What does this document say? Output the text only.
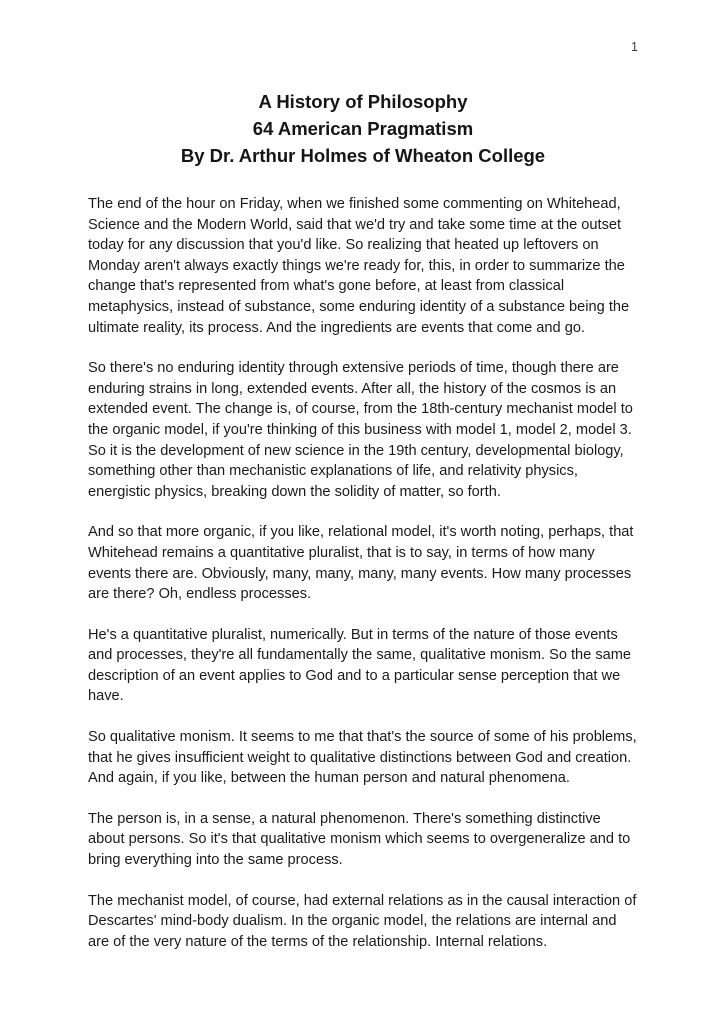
1
A History of Philosophy
64 American Pragmatism
By Dr. Arthur Holmes of Wheaton College

The end of the hour on Friday, when we finished some commenting on Whitehead, Science and the Modern World, said that we'd try and take some time at the outset today for any discussion that you'd like. So realizing that heated up leftovers on Monday aren't always exactly things we're ready for, this, in order to summarize the change that's represented from what's gone before, at least from classical metaphysics, instead of substance, some enduring identity of a substance being the ultimate reality, its process. And the ingredients are events that come and go.

So there's no enduring identity through extensive periods of time, though there are enduring strains in long, extended events. After all, the history of the cosmos is an extended event. The change is, of course, from the 18th-century mechanist model to the organic model, if you're thinking of this business with model 1, model 2, model 3. So it is the development of new science in the 19th century, developmental biology, something other than mechanistic explanations of life, and relativity physics, energistic physics, breaking down the solidity of matter, so forth.

And so that more organic, if you like, relational model, it's worth noting, perhaps, that Whitehead remains a quantitative pluralist, that is to say, in terms of how many events there are. Obviously, many, many, many, many events. How many processes are there? Oh, endless processes.

He's a quantitative pluralist, numerically. But in terms of the nature of those events and processes, they're all fundamentally the same, qualitative monism. So the same description of an event applies to God and to a particular sense perception that we have.

So qualitative monism. It seems to me that that's the source of some of his problems, that he gives insufficient weight to qualitative distinctions between God and creation. And again, if you like, between the human person and natural phenomena.

The person is, in a sense, a natural phenomenon. There's something distinctive about persons. So it's that qualitative monism which seems to overgeneralize and to bring everything into the same process.

The mechanist model, of course, had external relations as in the causal interaction of Descartes' mind-body dualism. In the organic model, the relations are internal and are of the very nature of the terms of the relationship. Internal relations.
